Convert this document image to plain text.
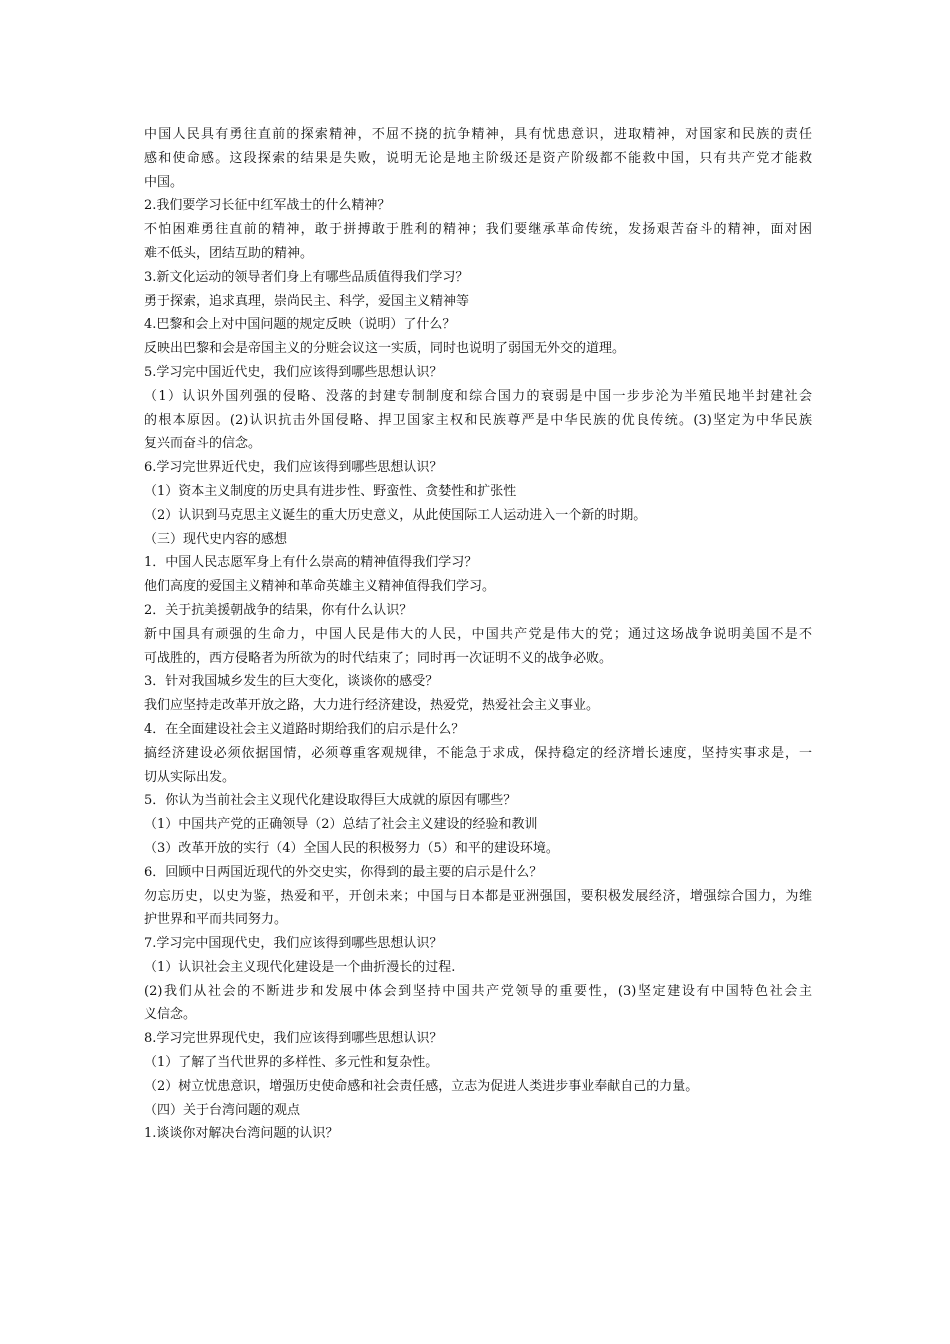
中国人民具有勇往直前的探索精神，不屈不挠的抗争精神，具有忧患意识，进取精神，对国家和民族的责任
感和使命感。这段探索的结果是失败，说明无论是地主阶级还是资产阶级都不能救中国，只有共产党才能救
中国。
2.我们要学习长征中红军战士的什么精神？
不怕困难勇往直前的精神，敢于拼搏敢于胜利的精神；我们要继承革命传统，发扬艰苦奋斗的精神，面对困
难不低头，团结互助的精神。
3.新文化运动的领导者们身上有哪些品质值得我们学习？
勇于探索，追求真理，崇尚民主、科学，爱国主义精神等
4.巴黎和会上对中国问题的规定反映（说明）了什么？
反映出巴黎和会是帝国主义的分赃会议这一实质，同时也说明了弱国无外交的道理。
5.学习完中国近代史，我们应该得到哪些思想认识？
（1）认识外国列强的侵略、没落的封建专制制度和综合国力的衰弱是中国一步步沦为半殖民地半封建社会
的根本原因。(2)认识抗击外国侵略、捍卫国家主权和民族尊严是中华民族的优良传统。(3)坚定为中华民族
复兴而奋斗的信念。
6.学习完世界近代史，我们应该得到哪些思想认识？
（1）资本主义制度的历史具有进步性、野蛮性、贪婪性和扩张性
（2）认识到马克思主义诞生的重大历史意义，从此使国际工人运动进入一个新的时期。
（三）现代史内容的感想
1．中国人民志愿军身上有什么崇高的精神值得我们学习？
他们高度的爱国主义精神和革命英雄主义精神值得我们学习。
2．关于抗美援朝战争的结果，你有什么认识？
新中国具有顽强的生命力，中国人民是伟大的人民，中国共产党是伟大的党；通过这场战争说明美国不是不
可战胜的，西方侵略者为所欲为的时代结束了；同时再一次证明不义的战争必败。
3．针对我国城乡发生的巨大变化，谈谈你的感受？
我们应坚持走改革开放之路，大力进行经济建设，热爱党，热爱社会主义事业。
4．在全面建设社会主义道路时期给我们的启示是什么？
搞经济建设必须依据国情，必须尊重客观规律，不能急于求成，保持稳定的经济增长速度，坚持实事求是，一
切从实际出发。
5．你认为当前社会主义现代化建设取得巨大成就的原因有哪些？
（1）中国共产党的正确领导（2）总结了社会主义建设的经验和教训
（3）改革开放的实行（4）全国人民的积极努力（5）和平的建设环境。
6．回顾中日两国近现代的外交史实，你得到的最主要的启示是什么？
勿忘历史，以史为鉴，热爱和平，开创未来；中国与日本都是亚洲强国，要积极发展经济，增强综合国力，为维
护世界和平而共同努力。
7.学习完中国现代史，我们应该得到哪些思想认识？
（1）认识社会主义现代化建设是一个曲折漫长的过程.
(2)我们从社会的不断进步和发展中体会到坚持中国共产党领导的重要性，(3)坚定建设有中国特色社会主
义信念。
8.学习完世界现代史，我们应该得到哪些思想认识？
（1）了解了当代世界的多样性、多元性和复杂性。
（2）树立忧患意识，增强历史使命感和社会责任感，立志为促进人类进步事业奉献自己的力量。
（四）关于台湾问题的观点
1.谈谈你对解决台湾问题的认识？
